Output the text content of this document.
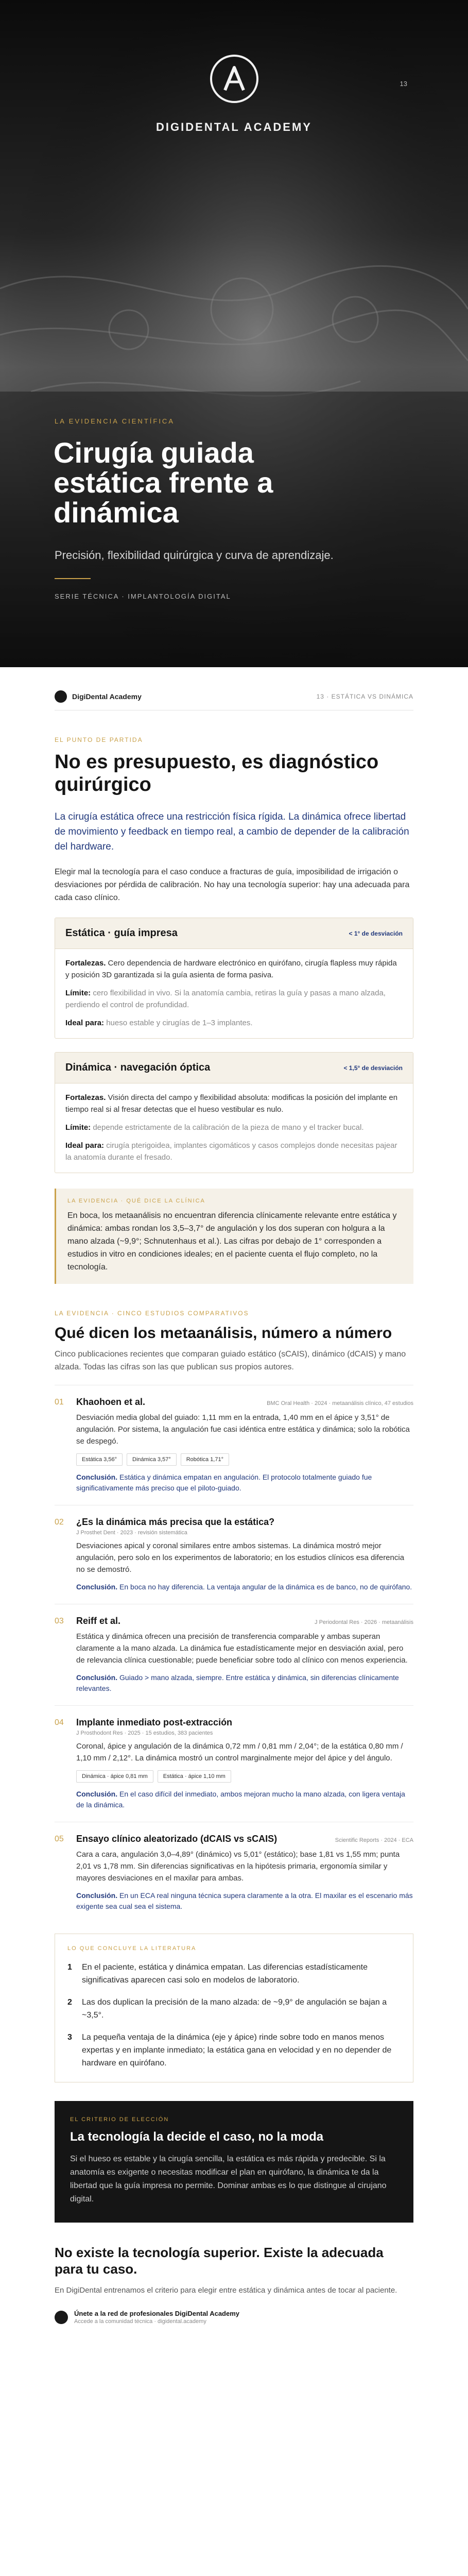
DIGIDENTAL ACADEMY
13
LA EVIDENCIA CIENTÍFICA
Cirugía guiada estática frente a dinámica
Precisión, flexibilidad quirúrgica y curva de aprendizaje.
SERIE TÉCNICA · IMPLANTOLOGÍA DIGITAL
DigiDental Academy	13 · ESTÁTICA VS DINÁMICA
EL PUNTO DE PARTIDA
No es presupuesto, es diagnóstico quirúrgico

La cirugía estática ofrece una restricción física rígida. La dinámica ofrece libertad de movimiento y feedback en tiempo real, a cambio de depender de la calibración del hardware.

Elegir mal la tecnología para el caso conduce a fracturas de guía, imposibilidad de irrigación o desviaciones por pérdida de calibración. No hay una tecnología superior: hay una adecuada para cada caso clínico.

Estática · guía impresa	< 1° de desviación

Fortalezas. Cero dependencia de hardware electrónico en quirófano, cirugía flapless muy rápida y posición 3D garantizada si la guía asienta de forma pasiva.

Límite: cero flexibilidad in vivo. Si la anatomía cambia, retiras la guía y pasas a mano alzada, perdiendo el control de profundidad.

Ideal para: hueso estable y cirugías de 1–3 implantes.

Dinámica · navegación óptica	< 1,5° de desviación

Fortalezas. Visión directa del campo y flexibilidad absoluta: modificas la posición del implante en tiempo real si al fresar detectas que el hueso vestibular es nulo.

Límite: depende estrictamente de la calibración de la pieza de mano y el tracker bucal.

Ideal para: cirugía pterigoidea, implantes cigomáticos y casos complejos donde necesitas pajear la anatomía durante el fresado.

LA EVIDENCIA · QUÉ DICE LA CLÍNICA

En boca, los metaanálisis no encuentran diferencia clínicamente relevante entre estática y dinámica: ambas rondan los 3,5–3,7° de angulación y los dos superan con holgura a la mano alzada (~9,9°; Schnutenhaus et al.). Las cifras por debajo de 1° corresponden a estudios in vitro en condiciones ideales; en el paciente cuenta el flujo completo, no la tecnología.

LA EVIDENCIA · CINCO ESTUDIOS COMPARATIVOS
Qué dicen los metaanálisis, número a número

Cinco publicaciones recientes que comparan guiado estático (sCAIS), dinámico (dCAIS) y mano alzada. Todas las cifras son las que publican sus propios autores.

01	Khaohoen et al.	BMC Oral Health · 2024 · metaanálisis clínico, 47 estudios

Desviación media global del guiado: 1,11 mm en la entrada, 1,40 mm en el ápice y 3,51° de angulación. Por sistema, la angulación fue casi idéntica entre estática y dinámica; solo la robótica se despegó.

Estática 3,56°	Dinámica 3,57°	Robótica 1,71°

Conclusión. Estática y dinámica empatan en angulación. El protocolo totalmente guiado fue significativamente más preciso que el piloto-guiado.

02	¿Es la dinámica más precisa que la estática?
J Prosthet Dent · 2023 · revisión sistemática

Desviaciones apical y coronal similares entre ambos sistemas. La dinámica mostró mejor angulación, pero solo en los experimentos de laboratorio; en los estudios clínicos esa diferencia no se demostró.

Conclusión. En boca no hay diferencia. La ventaja angular de la dinámica es de banco, no de quirófano.

03	Reiff et al.	J Periodontal Res · 2026 · metaanálisis

Estática y dinámica ofrecen una precisión de transferencia comparable y ambas superan claramente a la mano alzada. La dinámica fue estadísticamente mejor en desviación axial, pero de relevancia clínica cuestionable; puede beneficiar sobre todo al clínico con menos experiencia.

Conclusión. Guiado > mano alzada, siempre. Entre estática y dinámica, sin diferencias clínicamente relevantes.

04	Implante inmediato post-extracción
J Prosthodont Res · 2025 · 15 estudios, 383 pacientes

Coronal, ápice y angulación de la dinámica 0,72 mm / 0,81 mm / 2,04°; de la estática 0,80 mm / 1,10 mm / 2,12°. La dinámica mostró un control marginalmente mejor del ápice y del ángulo.

Dinámica · ápice 0,81 mm	Estática · ápice 1,10 mm

Conclusión. En el caso difícil del inmediato, ambos mejoran mucho la mano alzada, con ligera ventaja de la dinámica.

05	Ensayo clínico aleatorizado (dCAIS vs sCAIS)	Scientific Reports · 2024 · ECA

Cara a cara, angulación 3,0–4,89° (dinámico) vs 5,01° (estático); base 1,81 vs 1,55 mm; punta 2,01 vs 1,78 mm. Sin diferencias significativas en la hipótesis primaria, ergonomía similar y mayores desviaciones en el maxilar para ambas.

Conclusión. En un ECA real ninguna técnica supera claramente a la otra. El maxilar es el escenario más exigente sea cual sea el sistema.

LO QUE CONCLUYE LA LITERATURA
1	En el paciente, estática y dinámica empatan. Las diferencias estadísticamente significativas aparecen casi solo en modelos de laboratorio.
2	Las dos duplican la precisión de la mano alzada: de ~9,9° de angulación se bajan a ~3,5°.
3	La pequeña ventaja de la dinámica (eje y ápice) rinde sobre todo en manos menos expertas y en implante inmediato; la estática gana en velocidad y en no depender de hardware en quirófano.
EL CRITERIO DE ELECCIÓN
La tecnología la decide el caso, no la moda

Si el hueso es estable y la cirugía sencilla, la estática es más rápida y predecible. Si la anatomía es exigente o necesitas modificar el plan en quirófano, la dinámica te da la libertad que la guía impresa no permite. Dominar ambas es lo que distingue al cirujano digital.

No existe la tecnología superior. Existe la adecuada para tu caso.

En DigiDental entrenamos el criterio para elegir entre estática y dinámica antes de tocar al paciente.

Únete a la red de profesionales DigiDental Academy
Accede a la comunidad técnica · digidental.academy
